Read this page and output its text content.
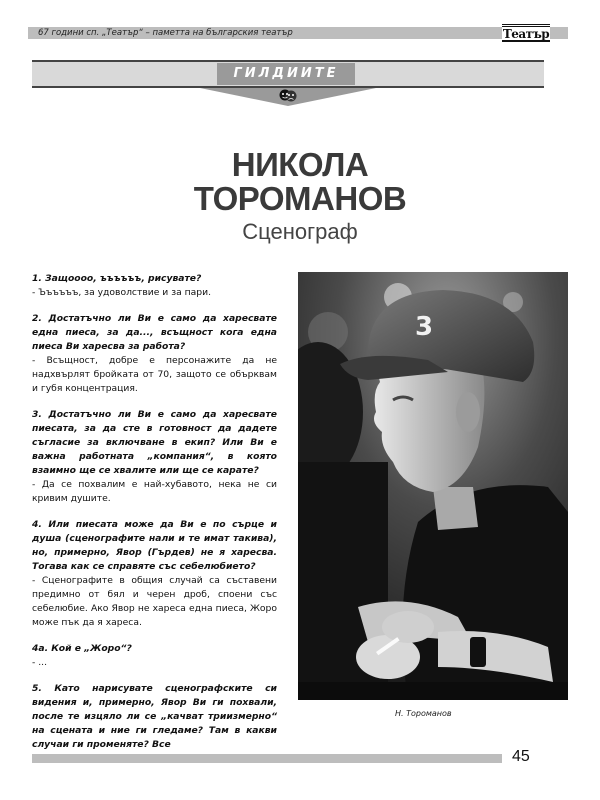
67 години сп. „Театър“ – паметта на българския театър	Театър
ГИЛДИИТЕ
НИКОЛА
ТОРОМАНОВ
Сценограф

1. Защоооо, ъъъъъъ, рисувате?
- Ъъъъъъ, за удоволствие и за пари.

2. Достатъчно ли Ви е само да харесвате една пиеса, за да..., всъщност кога една пиеса Ви харесва за работа?
- Всъщност, добре е персонажите да не надхвърлят бройката от 70, защото се обърквам и губя концентрация.

3. Достатъчно ли Ви е само да харесвате пиесата, за да сте в готовност да дадете съгласие за включване в екип? Или Ви е важна работната „компания“, в която взаимно ще се хвалите или ще се карате?
- Да се похвалим е най-хубавото, нека не си кривим душите.

4. Или пиесата може да Ви е по сърце и душа (сценографите нали и те имат такива), но, примерно, Явор (Гърдев) не я харесва. Тогава как се справяте със себелюбието?
- Сценографите в общия случай са съставени предимно от бял и черен дроб, споени със себелюбие. Ако Явор не хареса една пиеса, Жоро може пък да я хареса.

4а. Кой е „Жоро“?
- ...

5. Като нарисувате сценографските си видения и, примерно, Явор Ви ги похвали, после те изцяло ли се „качват триизмерно“ на сцената и ние ги гледаме? Там в какви случаи ги променяте? Все

3
Н. Тороманов
45
